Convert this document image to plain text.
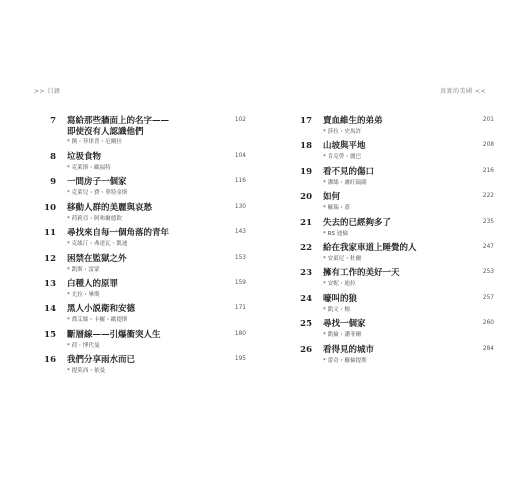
>> 目錄	真實的美國 <<
7 寫給那些牆面上的名字——
即使沒有人認識他們
* 撰・菲律普・厄爾拉
102
8 垃圾食物
* 克萊斯・歐福特
104
9 一間房子一個家
* 克萊兒・費・華特金斯
116
10 移動人群的美麗與哀愁
* 荷莉亞・阿弗爾德欽
130
11 尋找來自每一個角落的青年
* 克絲汀・弗達瓦・凱迪
143
12 困禁在監獄之外
* 凱斯・雷蒙
153
13 白種人的原罪
* 尤拉・畢斯
159
14 黑人小説衛和安德
* 喬艾絲・卡羅・歐提斯
171
15 斷層線——引爆衝突人生
* 荷・博代曼
180
16 我們分享雨水而已
* 提莫西・依曼
195
17 賣血維生的弟弟
* 莎拉・史馬許
201
18 山坡與平地
* 肯克勞・麗巴
208
19 看不見的傷口
* 潔絲・盧旺瑞薩
216
20 如何
* 羅瑞・蓋
222
21 失去的已經夠多了
* RS 迪倫
235
22 給在我家車道上睡覺的人
* 安東尼・杜爾
247
23 擁有工作的美好一天
* 安妮・迪拉
253
24 嚎叫的狼
* 凱文・楊
257
25 尋找一個家
* 凱倫・潘菲爾
260
26 看得見的城市
* 蕾奇・羅倫提斯
284
